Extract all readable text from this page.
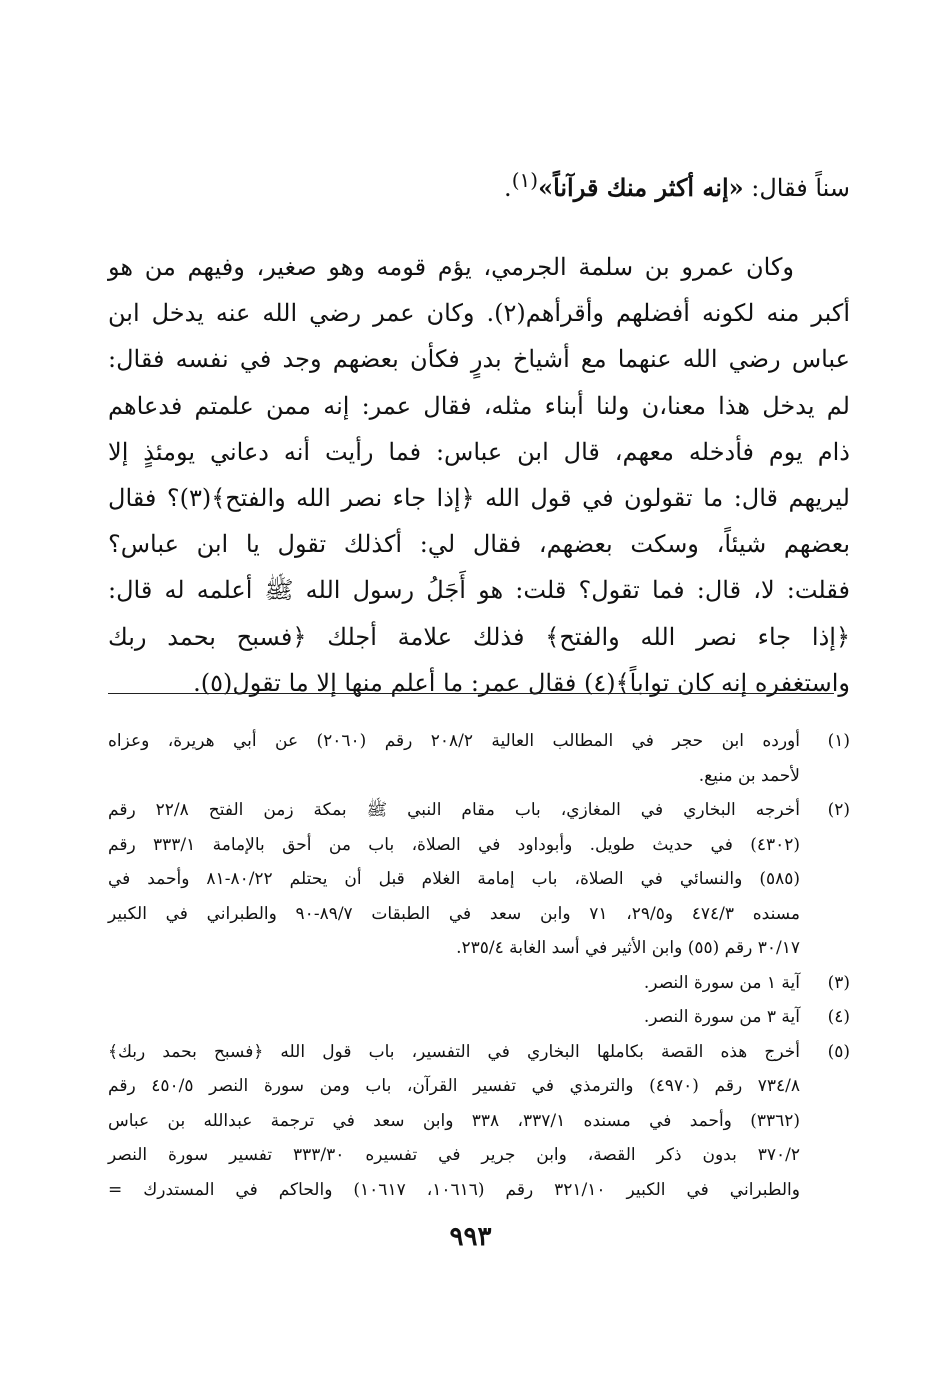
سناً فقال: «إنه أكثر منك قرآناً»$^{(١)}$.
وكان عمرو بن سلمة الجرمي، يؤم قومه وهو صغير، وفيهم من هو
أكبر منه لكونه أفضلهم وأقرأهم(٢). وكان عمر رضي الله عنه يدخل ابن
عباس رضي الله عنهما مع أشياخ بدرٍ فكأن بعضهم وجد في نفسه فقال:
لم يدخل هذا معنا،ن ولنا أبناء مثله، فقال عمر: إنه ممن علمتم فدعاهم
ذام يوم فأدخله معهم، قال ابن عباس: فما رأيت أنه دعاني يومئذٍ إلا
ليريهم قال: ما تقولون في قول الله ﴿إذا جاء نصر الله والفتح﴾(٣)؟ فقال
بعضهم شيئاً، وسكت بعضهم، فقال لي: أكذلك تقول يا ابن عباس؟
فقلت: لا، قال: فما تقول؟ قلت: هو أَجَلُ رسول الله ﷺ أعلمه له قال:
﴿إذا جاء نصر الله والفتح﴾ فذلك علامة أجلك ﴿فسبح بحمد ربك
واستغفره إنه كان تواباً﴾(٤) فقال عمر: ما أعلم منها إلا ما تقول(٥).
(١)
أورده ابن حجر في المطالب العالية ٢٠٨/٢ رقم (٢٠٦٠) عن أبي هريرة، وعزاه
لأحمد بن منيع.
(٢)
أخرجه البخاري في المغازي، باب مقام النبي ﷺ بمكة زمن الفتح ٢٢/٨ رقم
(٤٣٠٢) في حديث طويل. وأبوداود في الصلاة، باب من أحق بالإمامة ٣٣٣/١ رقم
(٥٨٥) والنسائي في الصلاة، باب إمامة الغلام قبل أن يحتلم ٨٠/٢٢-٨١ وأحمد في
مسنده ٤٧٤/٣ و٢٩/٥، ٧١ وابن سعد في الطبقات ٨٩/٧-٩٠ والطبراني في الكبير
٣٠/١٧ رقم (٥٥) وابن الأثير في أسد الغابة ٢٣٥/٤.
(٣)
آية ١ من سورة النصر.
(٤)
آية ٣ من سورة النصر.
(٥)
أخرج هذه القصة بكاملها البخاري في التفسير، باب قول الله ﴿فسبح بحمد ربك﴾
٧٣٤/٨ رقم (٤٩٧٠) والترمذي في تفسير القرآن، باب ومن سورة النصر ٤٥٠/٥ رقم
(٣٣٦٢) وأحمد في مسنده ٣٣٧/١، ٣٣٨ وابن سعد في ترجمة عبدالله بن عباس
٣٧٠/٢ بدون ذكر القصة، وابن جرير في تفسيره ٣٣٣/٣٠ تفسير سورة النصر
والطبراني في الكبير ٣٢١/١٠ رقم (١٠٦١٦، ١٠٦١٧) والحاكم في المستدرك =
٩٩٣
